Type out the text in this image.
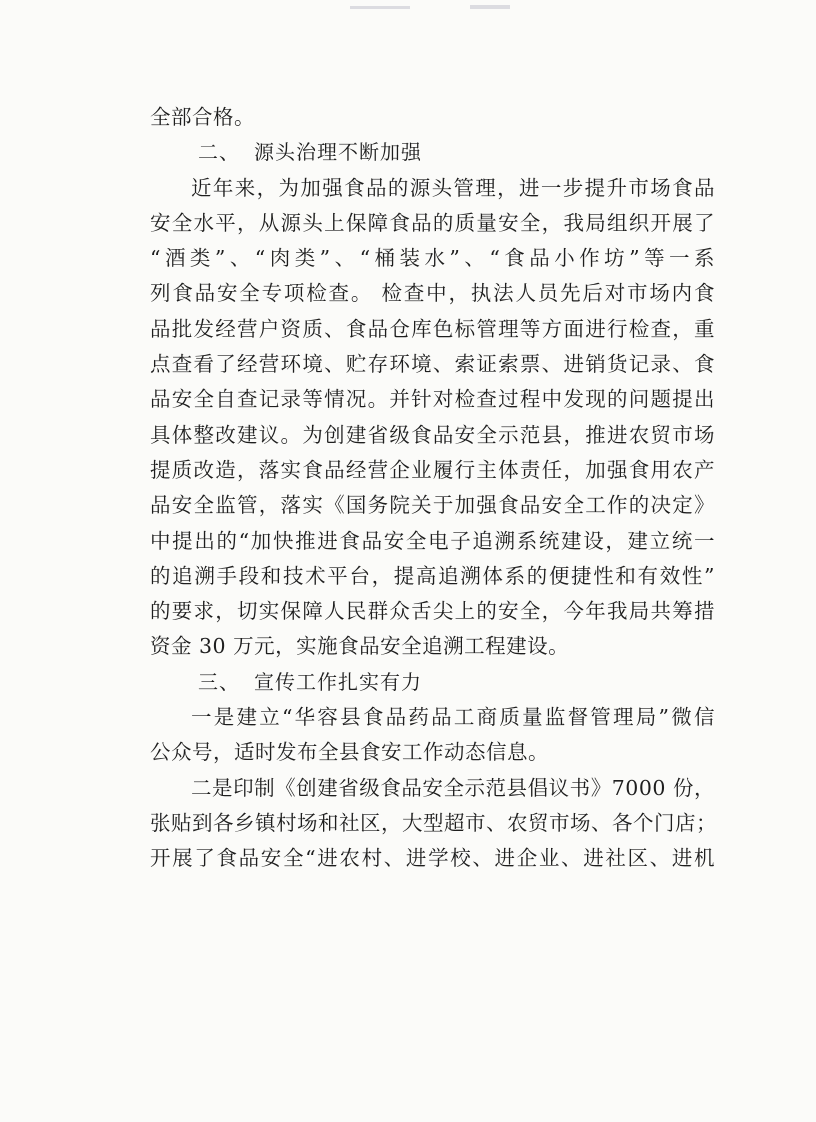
全部合格。
二、 源头治理不断加强
近年来，为加强食品的源头管理，进一步提升市场食品
安全水平，从源头上保障食品的质量安全，我局组织开展了
“酒类”、“肉类”、“桶装水”、“食品小作坊”等一系
列食品安全专项检查。 检查中，执法人员先后对市场内食
品批发经营户资质、食品仓库色标管理等方面进行检查，重
点查看了经营环境、贮存环境、索证索票、进销货记录、食
品安全自查记录等情况。并针对检查过程中发现的问题提出
具体整改建议。为创建省级食品安全示范县，推进农贸市场
提质改造，落实食品经营企业履行主体责任，加强食用农产
品安全监管，落实《国务院关于加强食品安全工作的决定》
中提出的“加快推进食品安全电子追溯系统建设，建立统一
的追溯手段和技术平台，提高追溯体系的便捷性和有效性”
的要求，切实保障人民群众舌尖上的安全，今年我局共筹措
资金 30 万元，实施食品安全追溯工程建设。
三、 宣传工作扎实有力
一是建立“华容县食品药品工商质量监督管理局”微信
公众号，适时发布全县食安工作动态信息。
二是印制《创建省级食品安全示范县倡议书》7000 份，
张贴到各乡镇村场和社区，大型超市、农贸市场、各个门店；
开展了食品安全“进农村、进学校、进企业、进社区、进机
